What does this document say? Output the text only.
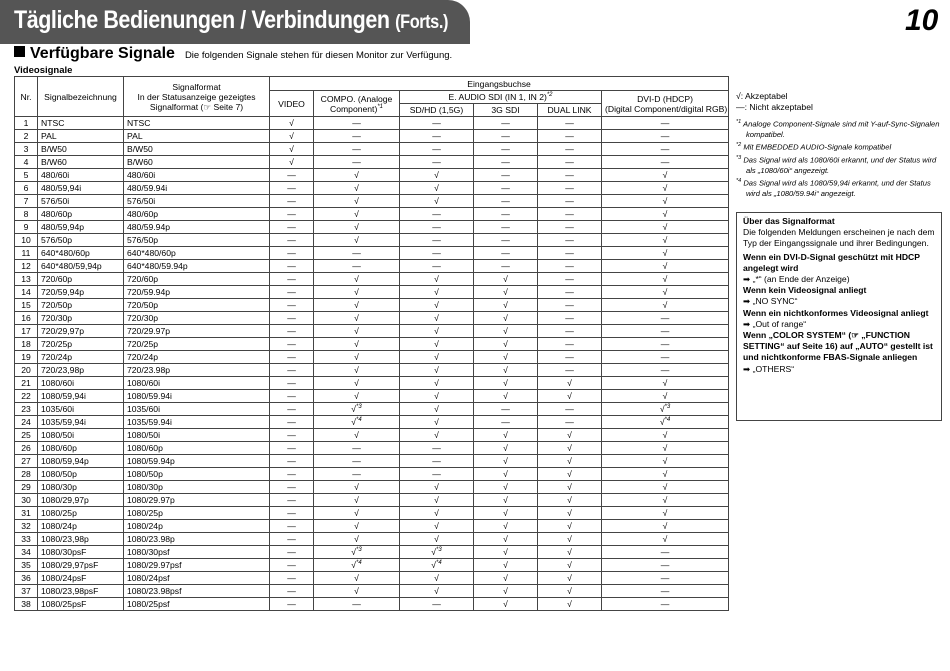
Tägliche Bedienungen / Verbindungen (Forts.)	10
Verfügbare Signale Die folgenden Signale stehen für diesen Monitor zur Verfügung.
Videosignale
Nr.	Signalbezeichnung	Signalformat
In der Statusanzeige gezeigtes
Signalformat (☞ Seite 7)	Eingangsbuchse					
			VIDEO	COMPO. (Analoge
Component)$^{*1}$	E. AUDIO SDI (IN 1, IN 2)$^{*2}$			DVI-D (HDCP)
(Digital Component/digital RGB)
					SD/HD (1,5G)	3G SDI	DUAL LINK	
1	NTSC	NTSC	√	—	—	—	—	—
2	PAL	PAL	√	—	—	—	—	—
3	B/W50	B/W50	√	—	—	—	—	—
4	B/W60	B/W60	√	—	—	—	—	—
5	480/60i	480/60i	—	√	√	—	—	√
6	480/59,94i	480/59.94i	—	√	√	—	—	√
7	576/50i	576/50i	—	√	√	—	—	√
8	480/60p	480/60p	—	√	—	—	—	√
9	480/59,94p	480/59.94p	—	√	—	—	—	√
10	576/50p	576/50p	—	√	—	—	—	√
11	640*480/60p	640*480/60p	—	—	—	—	—	√
12	640*480/59,94p	640*480/59.94p	—	—	—	—	—	√
13	720/60p	720/60p	—	√	√	√	—	√
14	720/59,94p	720/59.94p	—	√	√	√	—	√
15	720/50p	720/50p	—	√	√	√	—	√
16	720/30p	720/30p	—	√	√	√	—	—
17	720/29,97p	720/29.97p	—	√	√	√	—	—
18	720/25p	720/25p	—	√	√	√	—	—
19	720/24p	720/24p	—	√	√	√	—	—
20	720/23,98p	720/23.98p	—	√	√	√	—	—
21	1080/60i	1080/60i	—	√	√	√	√	√
22	1080/59,94i	1080/59.94i	—	√	√	√	√	√
23	1035/60i	1035/60i	—	√$^{*3}$	√	—	—	√$^{*3}$
24	1035/59,94i	1035/59.94i	—	√$^{*4}$	√	—	—	√$^{*4}$
25	1080/50i	1080/50i	—	√	√	√	√	√
26	1080/60p	1080/60p	—	—	—	√	√	√
27	1080/59,94p	1080/59.94p	—	—	—	√	√	√
28	1080/50p	1080/50p	—	—	—	√	√	√
29	1080/30p	1080/30p	—	√	√	√	√	√
30	1080/29,97p	1080/29.97p	—	√	√	√	√	√
31	1080/25p	1080/25p	—	√	√	√	√	√
32	1080/24p	1080/24p	—	√	√	√	√	√
33	1080/23,98p	1080/23.98p	—	√	√	√	√	√
34	1080/30psF	1080/30psf	—	√$^{*3}$	√$^{*3}$	√	√	—
35	1080/29,97psF	1080/29.97psf	—	√$^{*4}$	√$^{*4}$	√	√	—
36	1080/24psF	1080/24psf	—	√	√	√	√	—
37	1080/23,98psF	1080/23.98psf	—	√	√	√	√	—
38	1080/25psF	1080/25psf	—	—	—	√	√	—
√: Akzeptabel
—: Nicht akzeptabel
$^{*1}$ Analoge Component-Signale sind mit Y-auf-Sync-Signalen kompatibel.
$^{*2}$ Mit EMBEDDED AUDIO-Signale kompatibel
$^{*3}$ Das Signal wird als 1080/60i erkannt, und der Status wird als „1080/60i“ angezeigt.
$^{*4}$ Das Signal wird als 1080/59,94i erkannt, und der Status wird als „1080/59.94i“ angezeigt.
Über das Signalformat
Die folgenden Meldungen erscheinen je nach dem Typ der Eingangssignale und ihrer Bedingungen.
Wenn ein DVI-D-Signal geschützt mit HDCP angelegt wird
➡ „*“ (an Ende der Anzeige)
Wenn kein Videosignal anliegt
➡ „NO SYNC“
Wenn ein nichtkonformes Videosignal anliegt
➡ „Out of range“
Wenn „COLOR SYSTEM“ (☞ „FUNCTION SETTING“ auf Seite 16) auf „AUTO“ gestellt ist und nichtkonforme FBAS-Signale anliegen
➡ „OTHERS“
